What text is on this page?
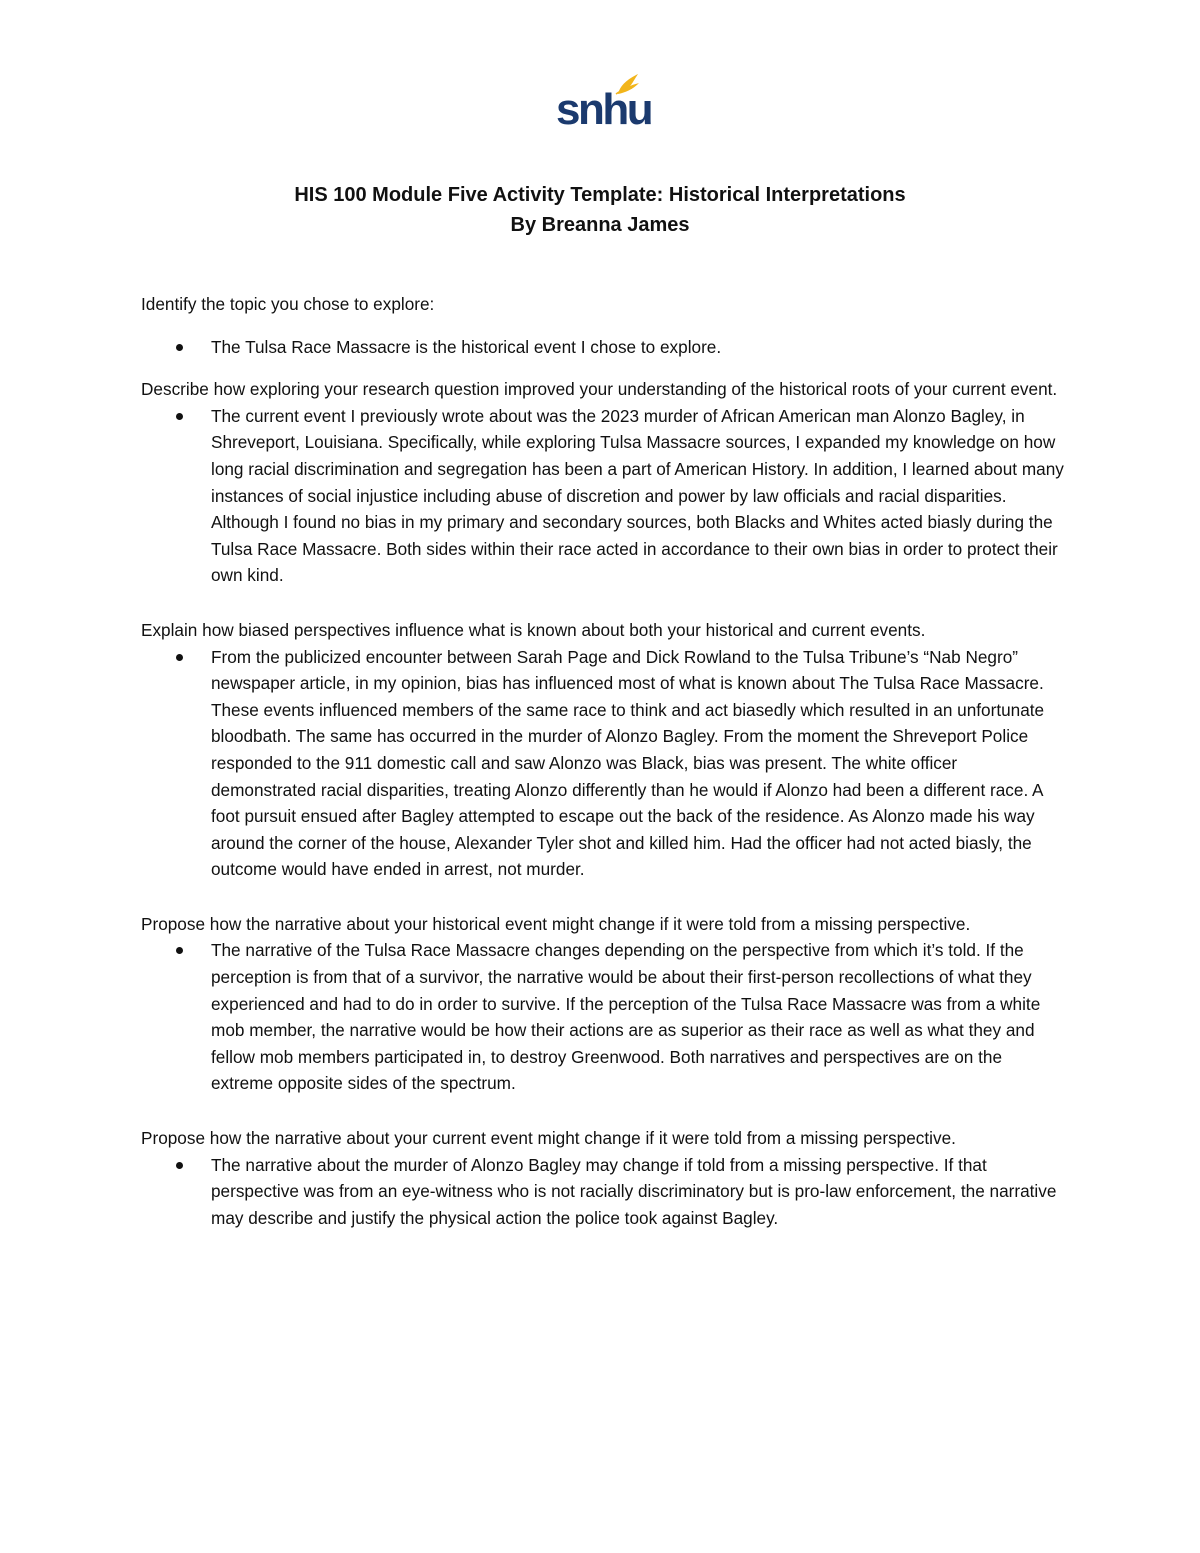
snhu
HIS 100 Module Five Activity Template: Historical Interpretations
By Breanna James

Identify the topic you chose to explore:

The Tulsa Race Massacre is the historical event I chose to explore.

Describe how exploring your research question improved your understanding of the historical roots of your current event.

The current event I previously wrote about was the 2023 murder of African American man Alonzo Bagley, in Shreveport, Louisiana. Specifically, while exploring Tulsa Massacre sources, I expanded my knowledge on how long racial discrimination and segregation has been a part of American History. In addition, I learned about many instances of social injustice including abuse of discretion and power by law officials and racial disparities. Although I found no bias in my primary and secondary sources, both Blacks and Whites acted biasly during the Tulsa Race Massacre. Both sides within their race acted in accordance to their own bias in order to protect their own kind.

Explain how biased perspectives influence what is known about both your historical and current events.

From the publicized encounter between Sarah Page and Dick Rowland to the Tulsa Tribune’s “Nab Negro” newspaper article, in my opinion, bias has influenced most of what is known about The Tulsa Race Massacre. These events influenced members of the same race to think and act biasedly which resulted in an unfortunate bloodbath. The same has occurred in the murder of Alonzo Bagley. From the moment the Shreveport Police responded to the 911 domestic call and saw Alonzo was Black, bias was present. The white officer demonstrated racial disparities, treating Alonzo differently than he would if Alonzo had been a different race. A foot pursuit ensued after Bagley attempted to escape out the back of the residence. As Alonzo made his way around the corner of the house, Alexander Tyler shot and killed him. Had the officer had not acted biasly, the outcome would have ended in arrest, not murder.

Propose how the narrative about your historical event might change if it were told from a missing perspective.

The narrative of the Tulsa Race Massacre changes depending on the perspective from which it’s told. If the perception is from that of a survivor, the narrative would be about their first-person recollections of what they experienced and had to do in order to survive. If the perception of the Tulsa Race Massacre was from a white mob member, the narrative would be how their actions are as superior as their race as well as what they and fellow mob members participated in, to destroy Greenwood. Both narratives and perspectives are on the extreme opposite sides of the spectrum.

Propose how the narrative about your current event might change if it were told from a missing perspective.

The narrative about the murder of Alonzo Bagley may change if told from a missing perspective. If that perspective was from an eye-witness who is not racially discriminatory but is pro-law enforcement, the narrative may describe and justify the physical action the police took against Bagley.
